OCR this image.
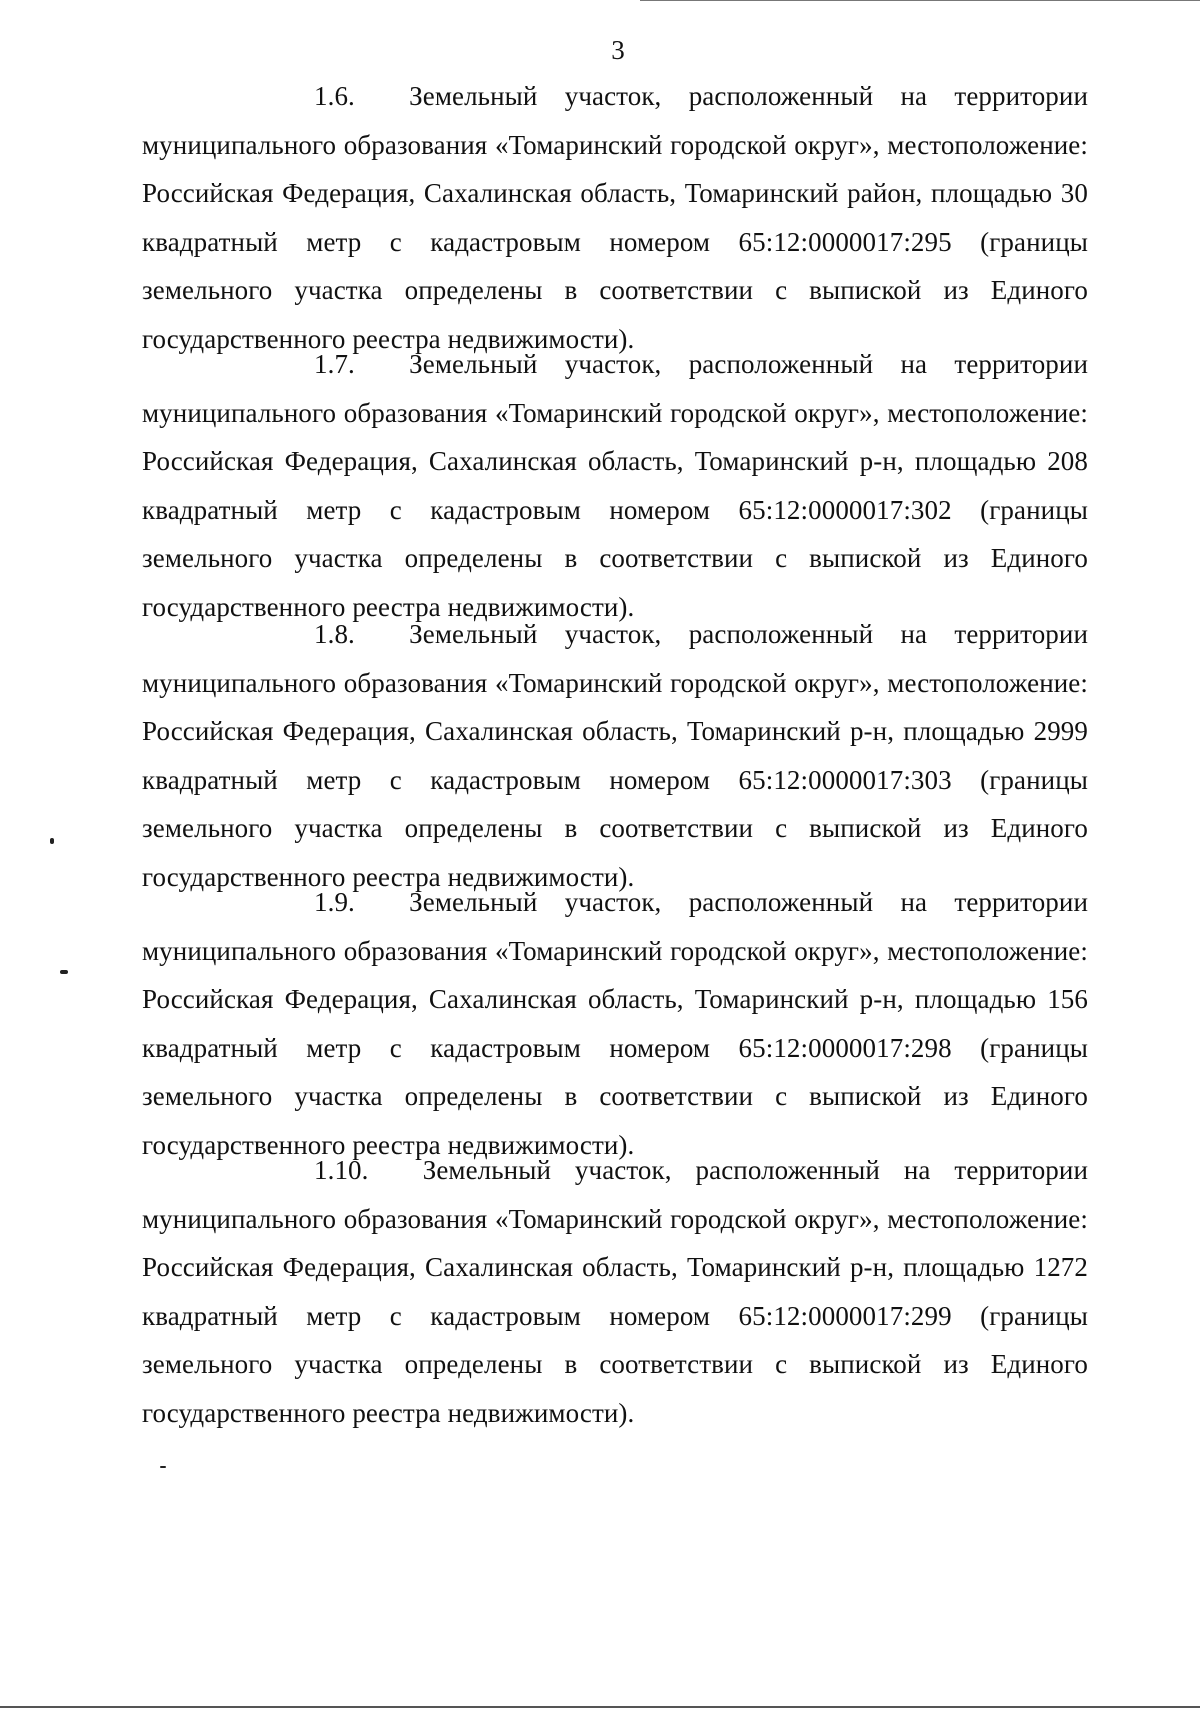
3

1.6.   Земельный участок, расположенный на территории муниципального образования «Томаринский городской округ», местоположение: Российская Федерация, Сахалинская область, Томаринский район, площадью 30 квадратный метр с кадастровым номером 65:12:0000017:295 (границы земельного участка определены в соответствии с выпиской из Единого государственного реестра недвижимости).

1.7.   Земельный участок, расположенный на территории муниципального образования «Томаринский городской округ», местоположение: Российская Федерация, Сахалинская область, Томаринский р-н, площадью 208 квадратный метр с кадастровым номером 65:12:0000017:302 (границы земельного участка определены в соответствии с выпиской из Единого государственного реестра недвижимости).

1.8.   Земельный участок, расположенный на территории муниципального образования «Томаринский городской округ», местоположение: Российская Федерация, Сахалинская область, Томаринский р-н, площадью 2999 квадратный метр с кадастровым номером 65:12:0000017:303 (границы земельного участка определены в соответствии с выпиской из Единого государственного реестра недвижимости).

1.9.   Земельный участок, расположенный на территории муниципального образования «Томаринский городской округ», местоположение: Российская Федерация, Сахалинская область, Томаринский р-н, площадью 156 квадратный метр с кадастровым номером 65:12:0000017:298 (границы земельного участка определены в соответствии с выпиской из Единого государственного реестра недвижимости).

1.10.   Земельный участок, расположенный на территории муниципального образования «Томаринский городской округ», местоположение: Российская Федерация, Сахалинская область, Томаринский р-н, площадью 1272 квадратный метр с кадастровым номером 65:12:0000017:299 (границы земельного участка определены в соответствии с выпиской из Единого государственного реестра недвижимости).
